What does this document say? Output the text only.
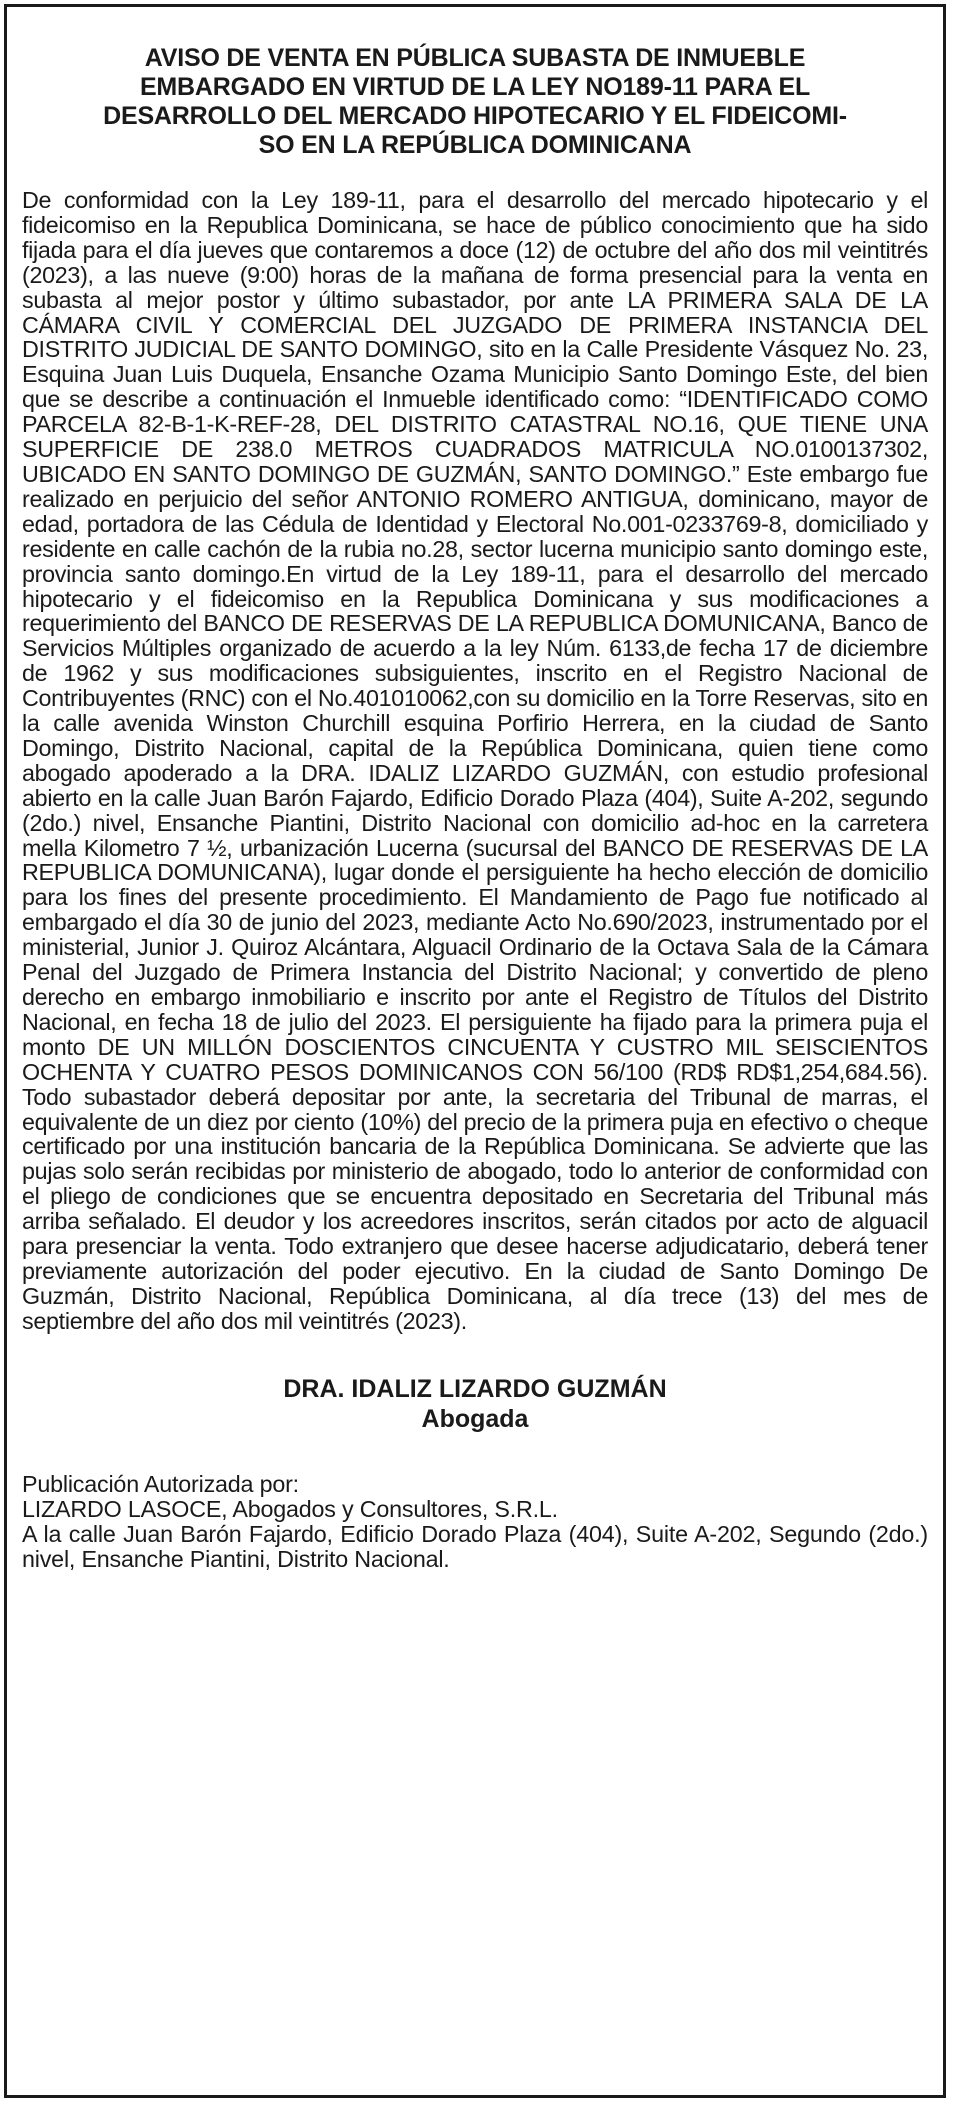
AVISO DE VENTA EN PÚBLICA SUBASTA DE INMUEBLE
EMBARGADO EN VIRTUD DE LA LEY NO189-11 PARA EL
DESARROLLO DEL MERCADO HIPOTECARIO Y EL FIDEICOMI-
SO EN LA REPÚBLICA DOMINICANA

De conformidad con la Ley 189-11, para el desarrollo del mercado hipotecario y el fideicomiso en la Republica Dominicana, se hace de público conocimiento que ha sido fijada para el día jueves que contaremos a doce (12) de octubre del año dos mil veintitrés (2023), a las nueve (9:00) horas de la mañana de forma presencial para la venta en subasta al mejor postor y último subastador, por ante LA PRIMERA SALA DE LA CÁMARA CIVIL Y COMERCIAL DEL JUZGADO DE PRIMERA INSTANCIA DEL DISTRITO JUDICIAL DE SANTO DOMINGO, sito en la Calle Presidente Vásquez No. 23, Esquina Juan Luis Duquela, Ensanche Ozama Municipio Santo Domingo Este, del bien que se describe a continuación el Inmueble identificado como: “IDENTIFICADO COMO PARCELA 82-B-1-K-REF-28, DEL DISTRITO CATASTRAL NO.16, QUE TIENE UNA SUPERFICIE DE 238.0 METROS CUADRADOS MATRICULA NO.0100137302, UBICADO EN SANTO DOMINGO DE GUZMÁN, SANTO DOMINGO.” Este embargo fue realizado en perjuicio del señor ANTONIO ROMERO ANTIGUA, dominicano, mayor de edad, portadora de las Cédula de Identidad y Electoral No.001-0233769-8, domiciliado y residente en calle cachón de la rubia no.28, sector lucerna municipio santo domingo este, provincia santo domingo.En virtud de la Ley 189-11, para el desarrollo del mercado hipotecario y el fideicomiso en la Republica Dominicana y sus modificaciones a requerimiento del BANCO DE RESERVAS DE LA REPUBLICA DOMUNICANA, Banco de Servicios Múltiples organizado de acuerdo a la ley Núm. 6133,de fecha 17 de diciembre de 1962 y sus modificaciones subsiguientes, inscrito en el Registro Nacional de Contribuyentes (RNC) con el No.401010062,con su domicilio en la Torre Reservas, sito en la calle avenida Winston Churchill esquina Porfirio Herrera, en la ciudad de Santo Domingo, Distrito Nacional, capital de la República Dominicana, quien tiene como abogado apoderado a la DRA. IDALIZ LIZARDO GUZMÁN, con estudio profesional abierto en la calle Juan Barón Fajardo, Edificio Dorado Plaza (404), Suite A-202, segundo (2do.) nivel, Ensanche Piantini, Distrito Nacional con domicilio ad-hoc en la carretera mella Kilometro 7 ½, urbanización Lucerna (sucursal del BANCO DE RESERVAS DE LA REPUBLICA DOMUNICANA), lugar donde el persiguiente ha hecho elección de domicilio para los fines del presente procedimiento. El Mandamiento de Pago fue notificado al embargado el día 30 de junio del 2023, mediante Acto No.690/2023, instrumentado por el ministerial, Junior J. Quiroz Alcántara, Alguacil Ordinario de la Octava Sala de la Cámara Penal del Juzgado de Primera Instancia del Distrito Nacional; y convertido de pleno derecho en embargo inmobiliario e inscrito por ante el Registro de Títulos del Distrito Nacional, en fecha 18 de julio del 2023. El persiguiente ha fijado para la primera puja el monto DE UN MILLÓN DOSCIENTOS CINCUENTA Y CUSTRO MIL SEISCIENTOS OCHENTA Y CUATRO PESOS DOMINICANOS CON 56/100 (RD$ RD$1,254,684.56). Todo subastador deberá depositar por ante, la secretaria del Tribunal de marras, el equivalente de un diez por ciento (10%) del precio de la primera puja en efectivo o cheque certificado por una institución bancaria de la República Dominicana. Se advierte que las pujas solo serán recibidas por ministerio de abogado, todo lo anterior de conformidad con el pliego de condiciones que se encuentra depositado en Secretaria del Tribunal más arriba señalado. El deudor y los acreedores inscritos, serán citados por acto de alguacil para presenciar la venta. Todo extranjero que desee hacerse adjudicatario, deberá tener previamente autorización del poder ejecutivo. En la ciudad de Santo Domingo De Guzmán, Distrito Nacional, República Dominicana, al día trece (13) del mes de septiembre del año dos mil veintitrés (2023).

DRA. IDALIZ LIZARDO GUZMÁN
Abogada
Publicación Autorizada por:
LIZARDO LASOCE, Abogados y Consultores, S.R.L.
A la calle Juan Barón Fajardo, Edificio Dorado Plaza (404), Suite A-202, Segundo (2do.) nivel, Ensanche Piantini, Distrito Nacional.
